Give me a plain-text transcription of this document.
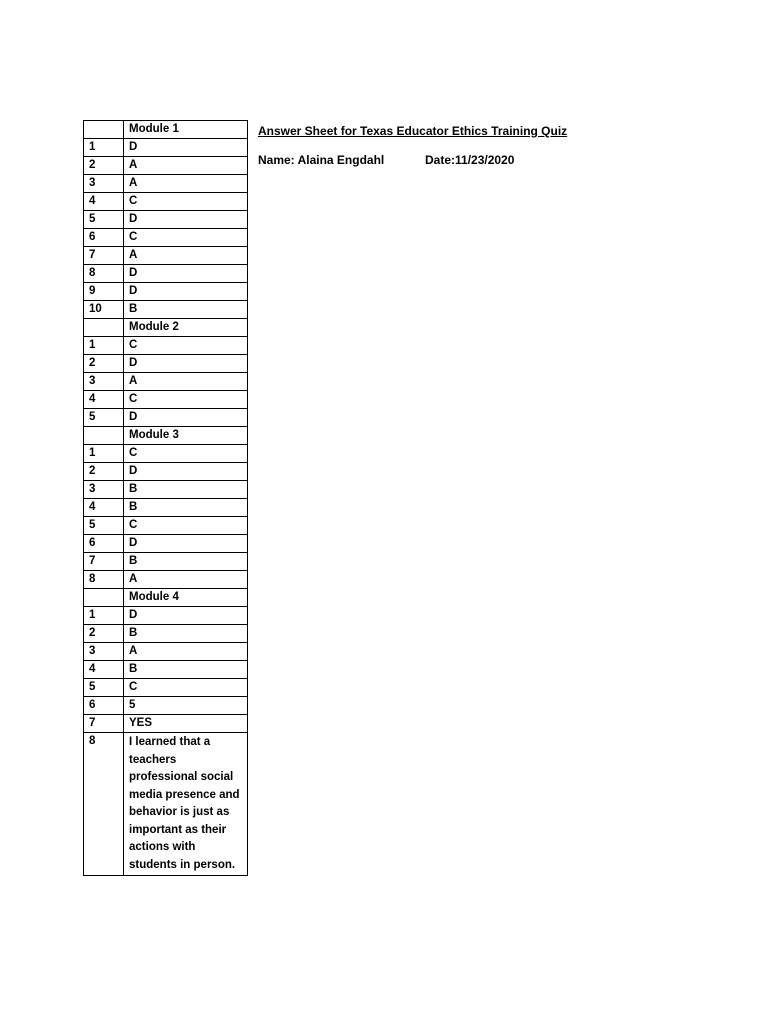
Answer Sheet for Texas Educator Ethics Training Quiz
Name: Alaina Engdahl	Date:11/23/2020
	Module 1
1	D
2	A
3	A
4	C
5	D
6	C
7	A
8	D
9	D
10	B
	Module 2
1	C
2	D
3	A
4	C
5	D
	Module 3
1	C
2	D
3	B
4	B
5	C
6	D
7	B
8	A
	Module 4
1	D
2	B
3	A
4	B
5	C
6	5
7	YES
8	I learned that a teachers professional social media presence and behavior is just as important as their actions with students in person.
